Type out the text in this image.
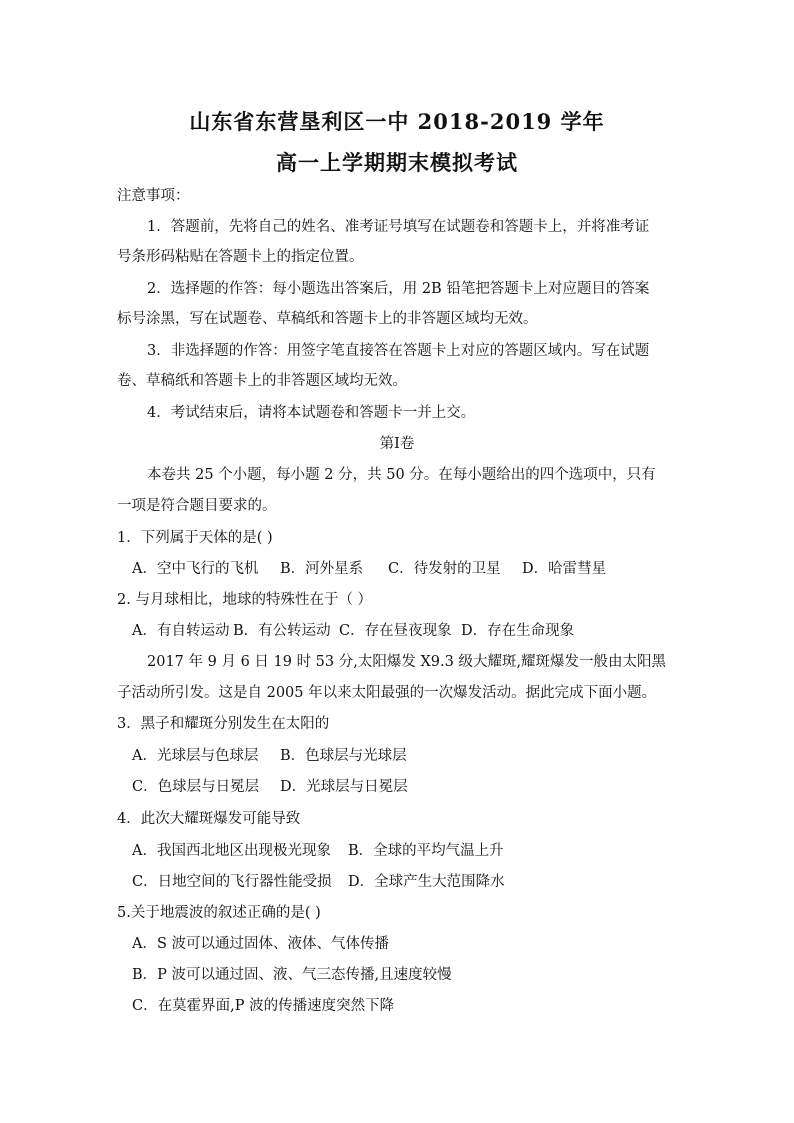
山东省东营垦利区一中 2018-2019 学年
高一上学期期末模拟考试
注意事项：
1．答题前，先将自己的姓名、准考证号填写在试题卷和答题卡上，并将准考证
号条形码粘贴在答题卡上的指定位置。
2．选择题的作答：每小题选出答案后，用 2B 铅笔把答题卡上对应题目的答案
标号涂黑，写在试题卷、草稿纸和答题卡上的非答题区域均无效。
3．非选择题的作答：用签字笔直接答在答题卡上对应的答题区域内。写在试题
卷、草稿纸和答题卡上的非答题区域均无效。
4．考试结束后，请将本试题卷和答题卡一并上交。
第Ⅰ卷
本卷共 25 个小题，每小题 2 分，共 50 分。在每小题给出的四个选项中，只有
一项是符合题目要求的。
1．下列属于天体的是( )
A．空中飞行的飞机 B．河外星系 C．待发射的卫星 D．哈雷彗星
2. 与月球相比，地球的特殊性在于（ ）
A．有自转运动 B．有公转运动 C．存在昼夜现象 D．存在生命现象
2017 年 9 月 6 日 19 时 53 分,太阳爆发 X9.3 级大耀斑,耀斑爆发一般由太阳黑
子活动所引发。这是自 2005 年以来太阳最强的一次爆发活动。据此完成下面小题。
3．黑子和耀斑分别发生在太阳的
A．光球层与色球层 B．色球层与光球层
C．色球层与日冕层 D．光球层与日冕层
4．此次大耀斑爆发可能导致
A．我国西北地区出现极光现象 B．全球的平均气温上升
C．日地空间的飞行器性能受损 D．全球产生大范围降水
5.关于地震波的叙述正确的是( )
A．S 波可以通过固体、液体、气体传播
B．P 波可以通过固、液、气三态传播,且速度较慢
C．在莫霍界面,P 波的传播速度突然下降
